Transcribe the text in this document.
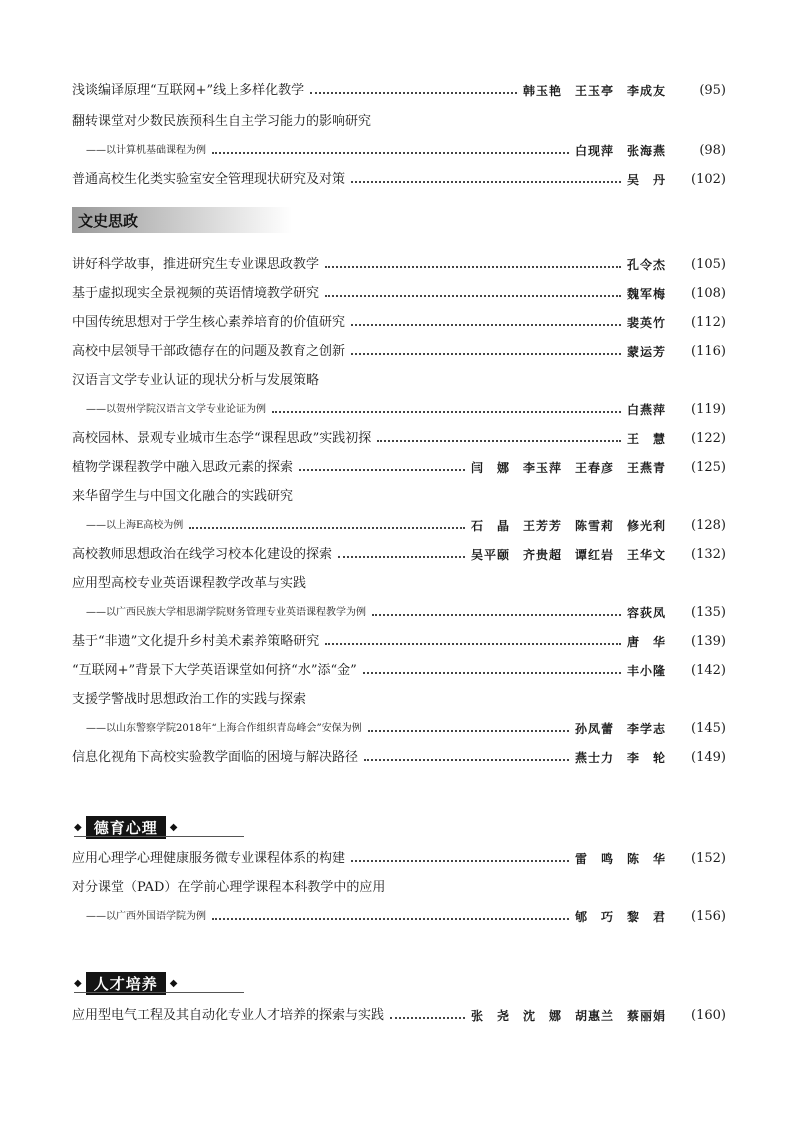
浅谈编译原理“互联网+”线上多样化教学	韩玉艳　王玉亭　李成友	(95)
翻转课堂对少数民族预科生自主学习能力的影响研究
——以计算机基础课程为例	白现萍　张海燕	(98)
普通高校生化类实验室安全管理现状研究及对策	吴　丹	(102)
文史思政
讲好科学故事，推进研究生专业课思政教学	孔令杰	(105)
基于虚拟现实全景视频的英语情境教学研究	魏军梅	(108)
中国传统思想对于学生核心素养培育的价值研究	裴英竹	(112)
高校中层领导干部政德存在的问题及教育之创新	蒙运芳	(116)
汉语言文学专业认证的现状分析与发展策略
——以贺州学院汉语言文学专业论证为例	白燕萍	(119)
高校园林、景观专业城市生态学“课程思政”实践初探	王　慧	(122)
植物学课程教学中融入思政元素的探索	闫　娜　李玉萍　王春彦　王燕青	(125)
来华留学生与中国文化融合的实践研究
——以上海E高校为例	石　晶　王芳芳　陈雪莉　修光利	(128)
高校教师思想政治在线学习校本化建设的探索	吴平颐　齐贵超　谭红岩　王华文	(132)
应用型高校专业英语课程教学改革与实践
——以广西民族大学相思湖学院财务管理专业英语课程教学为例	容荻凤	(135)
基于“非遗”文化提升乡村美术素养策略研究	唐　华	(139)
“互联网+”背景下大学英语课堂如何挤“水”添“金”	丰小隆	(142)
支援学警战时思想政治工作的实践与探索
——以山东警察学院2018年“上海合作组织青岛峰会”安保为例	孙凤蕾　李学志	(145)
信息化视角下高校实验教学面临的困境与解决路径	燕士力　李　轮	(149)
◆ 德育心理	◆
应用心理学心理健康服务微专业课程体系的构建	雷　鸣　陈　华	(152)
对分课堂（PAD）在学前心理学课程本科教学中的应用
——以广西外国语学院为例	郇　巧　黎　君	(156)
◆ 人才培养	◆
应用型电气工程及其自动化专业人才培养的探索与实践	张　尧　沈　娜　胡惠兰　蔡丽娟	(160)
